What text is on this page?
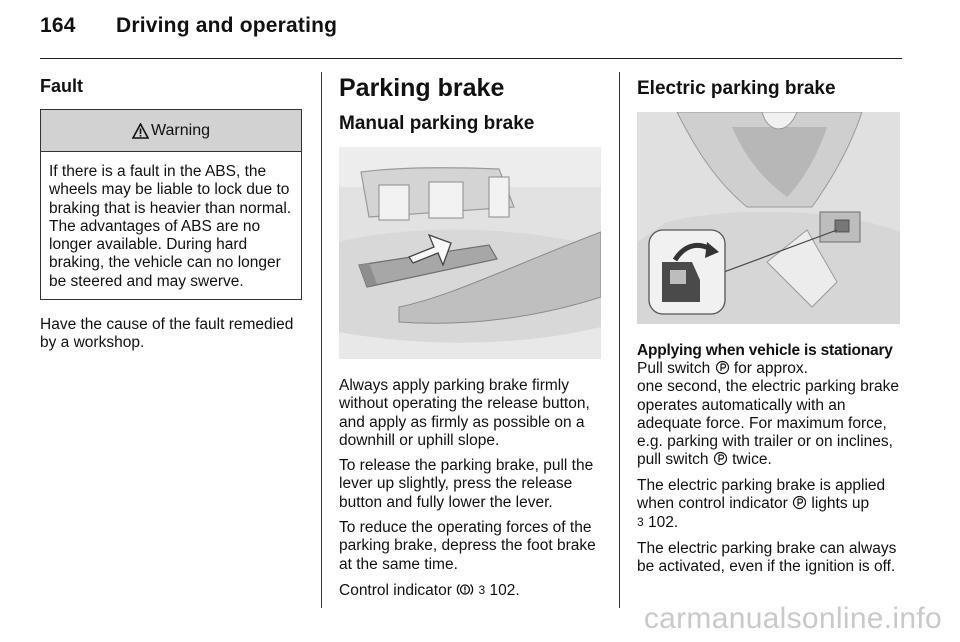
164 Driving and operating
Fault
Warning

If there is a fault in the ABS, the wheels may be liable to lock due to braking that is heavier than normal. The advantages of ABS are no longer available. During hard braking, the vehicle can no longer be steered and may swerve.

Have the cause of the fault remedied by a workshop.

Parking brake
Manual parking brake

Always apply parking brake firmly without operating the release button, and apply as firmly as possible on a downhill or uphill slope.

To release the parking brake, pull the lever up slightly, press the release button and fully lower the lever.

To reduce the operating forces of the parking brake, depress the foot brake at the same time.

Control indicator 3 102.

Electric parking brake

Applying when vehicle is stationary

Pull switch for approx.

one second, the electric parking brake operates automatically with an adequate force. For maximum force, e.g. parking with trailer or on inclines, pull switch twice.

The electric parking brake is applied when control indicator lights up
3 102.

The electric parking brake can always be activated, even if the ignition is off.

carmanualsonline.info
